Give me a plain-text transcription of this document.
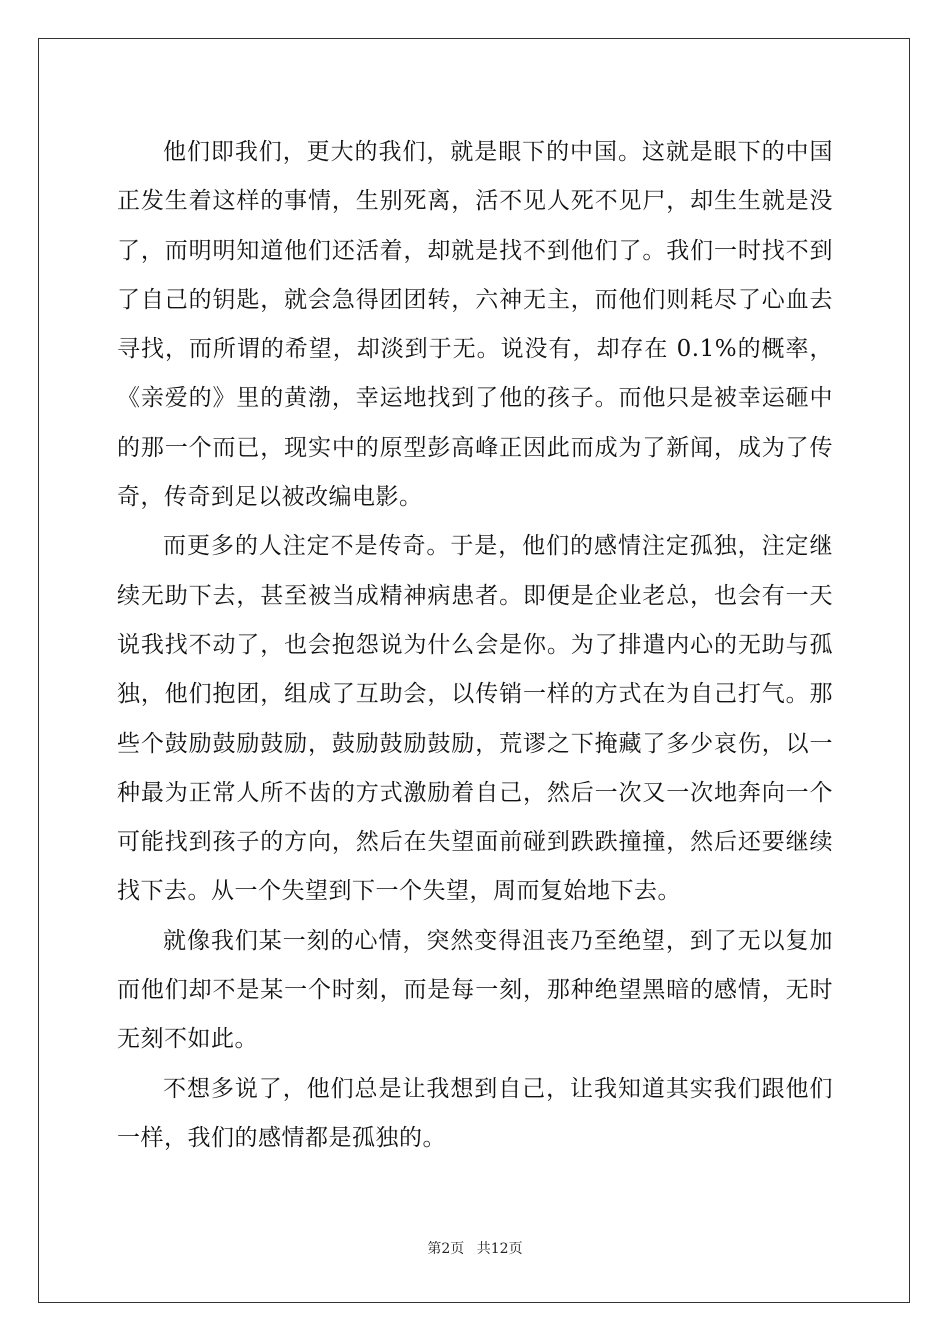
他们即我们，更大的我们，就是眼下的中国。这就是眼下的中国正发生着这样的事情，生别死离，活不见人死不见尸，却生生就是没了，而明明知道他们还活着，却就是找不到他们了。我们一时找不到了自己的钥匙，就会急得团团转，六神无主，而他们则耗尽了心血去寻找，而所谓的希望，却淡到于无。说没有，却存在 0.1%的概率，《亲爱的》里的黄渤，幸运地找到了他的孩子。而他只是被幸运砸中的那一个而已，现实中的原型彭高峰正因此而成为了新闻，成为了传奇，传奇到足以被改编电影。

而更多的人注定不是传奇。于是，他们的感情注定孤独，注定继续无助下去，甚至被当成精神病患者。即便是企业老总，也会有一天说我找不动了，也会抱怨说为什么会是你。为了排遣内心的无助与孤独，他们抱团，组成了互助会，以传销一样的方式在为自己打气。那些个鼓励鼓励鼓励，鼓励鼓励鼓励，荒谬之下掩藏了多少哀伤，以一种最为正常人所不齿的方式激励着自己，然后一次又一次地奔向一个可能找到孩子的方向，然后在失望面前碰到跌跌撞撞，然后还要继续找下去。从一个失望到下一个失望，周而复始地下去。

就像我们某一刻的心情，突然变得沮丧乃至绝望，到了无以复加而他们却不是某一个时刻，而是每一刻，那种绝望黑暗的感情，无时无刻不如此。

不想多说了，他们总是让我想到自己，让我知道其实我们跟他们一样，我们的感情都是孤独的。

第2页 共12页
